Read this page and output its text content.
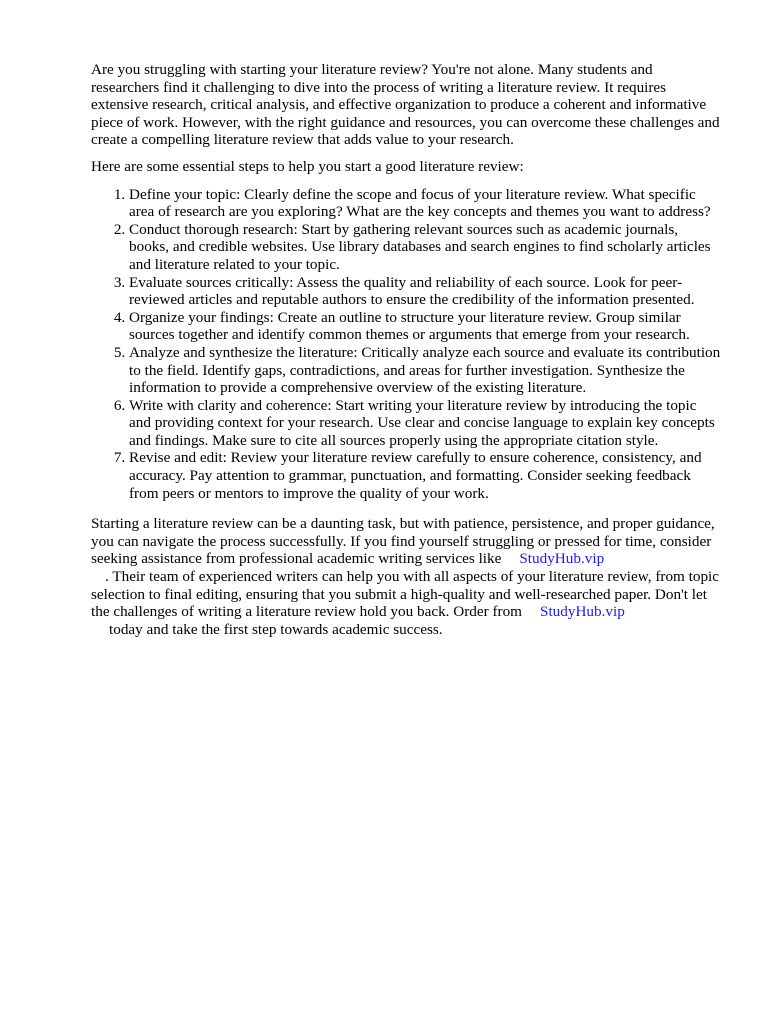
Are you struggling with starting your literature review? You're not alone. Many students and researchers find it challenging to dive into the process of writing a literature review. It requires extensive research, critical analysis, and effective organization to produce a coherent and informative piece of work. However, with the right guidance and resources, you can overcome these challenges and create a compelling literature review that adds value to your research.

Here are some essential steps to help you start a good literature review:

1. Define your topic: Clearly define the scope and focus of your literature review. What specific area of research are you exploring? What are the key concepts and themes you want to address?
2. Conduct thorough research: Start by gathering relevant sources such as academic journals, books, and credible websites. Use library databases and search engines to find scholarly articles and literature related to your topic.
3. Evaluate sources critically: Assess the quality and reliability of each source. Look for peer-reviewed articles and reputable authors to ensure the credibility of the information presented.
4. Organize your findings: Create an outline to structure your literature review. Group similar sources together and identify common themes or arguments that emerge from your research.
5. Analyze and synthesize the literature: Critically analyze each source and evaluate its contribution to the field. Identify gaps, contradictions, and areas for further investigation. Synthesize the information to provide a comprehensive overview of the existing literature.
6. Write with clarity and coherence: Start writing your literature review by introducing the topic and providing context for your research. Use clear and concise language to explain key concepts and findings. Make sure to cite all sources properly using the appropriate citation style.
7. Revise and edit: Review your literature review carefully to ensure coherence, consistency, and accuracy. Pay attention to grammar, punctuation, and formatting. Consider seeking feedback from peers or mentors to improve the quality of your work.

Starting a literature review can be a daunting task, but with patience, persistence, and proper guidance, you can navigate the process successfully. If you find yourself struggling or pressed for time, consider seeking assistance from professional academic writing services like StudyHub.vip
. Their team of experienced writers can help you with all aspects of your literature review, from topic selection to final editing, ensuring that you submit a high-quality and well-researched paper. Don't let the challenges of writing a literature review hold you back. Order from StudyHub.vip
today and take the first step towards academic success.
